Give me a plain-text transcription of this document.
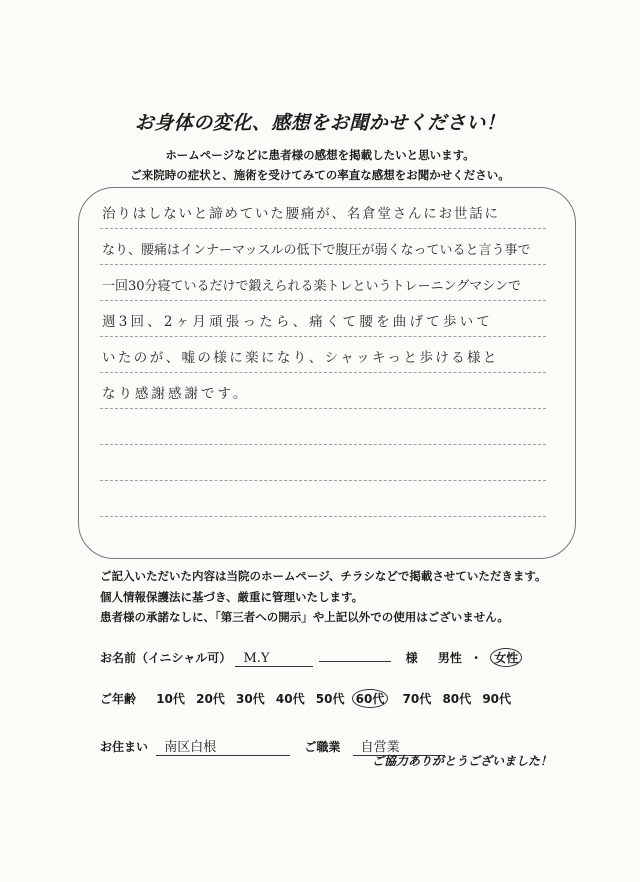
お身体の変化、感想をお聞かせください！
ホームページなどに患者様の感想を掲載したいと思います。
ご来院時の症状と、施術を受けてみての率直な感想をお聞かせください。
治りはしないと諦めていた腰痛が、名倉堂さんにお世話に
なり、腰痛はインナーマッスルの低下で腹圧が弱くなっていると言う事で
一回30分寝ているだけで鍛えられる楽トレというトレーニングマシンで
週3回、2ヶ月頑張ったら、痛くて腰を曲げて歩いて
いたのが、嘘の様に楽になり、シャッキっと歩ける様と
なり感謝感謝です。
ご記入いただいた内容は当院のホームページ、チラシなどで掲載させていただきます。
個人情報保護法に基づき、厳重に管理いたします。
患者様の承諾なしに、「第三者への開示」や上記以外での使用はございません。
お名前（イニシャル可） M.Y	様 男性 ・ 女性
ご年齢 10代 20代 30代 40代 50代 60代 70代 80代 90代
お住まい 南区白根	ご職業 自営業
ご協力ありがとうございました！
